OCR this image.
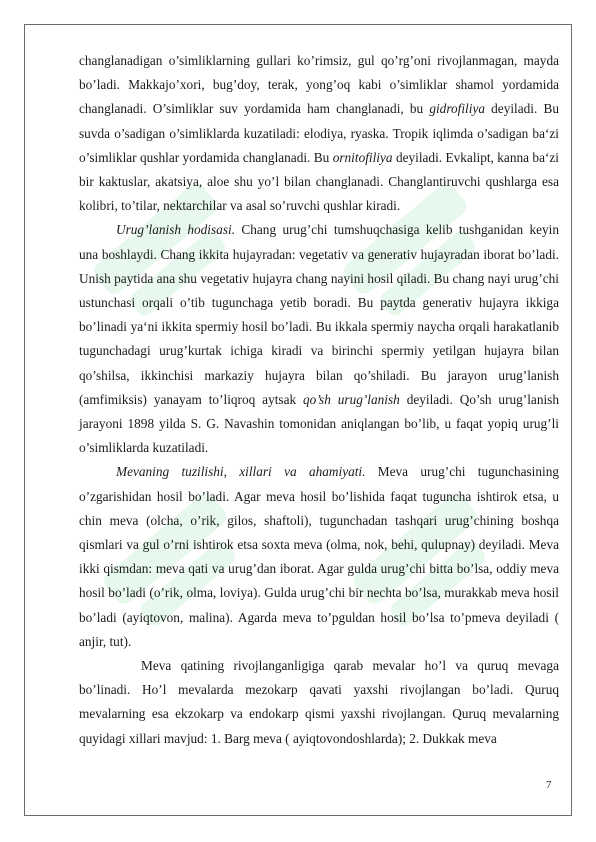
changlanadigan o’simliklarning gullari ko’rimsiz, gul qo’rg’oni rivojlanmagan, mayda bo’ladi. Makkajo’xori, bug’doy, terak, yong’oq kabi o’simliklar shamol yordamida changlanadi. O’simliklar suv yordamida ham changlanadi, bu gidrofiliya deyiladi. Bu suvda o’sadigan o’simliklarda kuzatiladi: elodiya, ryaska. Tropik iqlimda o’sadigan ba‘zi o’simliklar qushlar yordamida changlanadi. Bu ornitofiliya deyiladi. Evkalipt, kanna ba‘zi bir kaktuslar, akatsiya, aloe shu yo’l bilan changlanadi. Changlantiruvchi qushlarga esa kolibri, to’tilar, nektarchilar va asal so’ruvchi qushlar kiradi.

Urug’lanish hodisasi. Chang urug’chi tumshuqchasiga kelib tushganidan keyin una boshlaydi. Chang ikkita hujayradan: vegetativ va generativ hujayradan iborat bo’ladi. Unish paytida ana shu vegetativ hujayra chang nayini hosil qiladi. Bu chang nayi urug’chi ustunchasi orqali o’tib tugunchaga yetib boradi. Bu paytda generativ hujayra ikkiga bo’linadi ya‘ni ikkita spermiy hosil bo’ladi. Bu ikkala spermiy naycha orqali harakatlanib tugunchadagi urug’kurtak ichiga kiradi va birinchi spermiy yetilgan hujayra bilan qo’shilsa, ikkinchisi markaziy hujayra bilan qo’shiladi. Bu jarayon urug’lanish (amfimiksis) yanayam to’liqroq aytsak qo’sh urug’lanish deyiladi. Qo’sh urug’lanish jarayoni 1898 yilda S. G. Navashin tomonidan aniqlangan bo’lib, u faqat yopiq urug’li o’simliklarda kuzatiladi.

Mevaning tuzilishi, xillari va ahamiyati. Meva urug’chi tugunchasining o’zgarishidan hosil bo’ladi. Agar meva hosil bo’lishida faqat tugunchа ishtirok etsa, u chin meva (olcha, o’rik, gilos, shaftoli), tugunchadan tashqari urug’chining boshqa qismlari va gul o’rni ishtirok etsa soxta meva (olma, nok, behi, qulupnay) deyiladi. Meva ikki qismdan: meva qati va urug’dan iborat. Agar gulda urug’chi bitta bo’lsa, oddiy meva hosil bo’ladi (o’rik, olma, loviya). Gulda urug’chi bir nechta bo’lsa, murakkab meva hosil bo’ladi (ayiqtovon, malina). Agarda meva to’pguldan hosil bo’lsa to’pmeva deyiladi ( anjir, tut).

Meva qatining rivojlanganligiga qarab mevalar ho’l va quruq mevaga bo’linadi. Ho’l mevalarda mezokarp qavati yaxshi rivojlangan bo’ladi. Quruq mevalarning esa ekzokarp va endokarp qismi yaxshi rivojlangan. Quruq mevalarning quyidagi xillari mavjud: 1. Barg meva ( ayiqtovondoshlarda); 2. Dukkak meva

7
